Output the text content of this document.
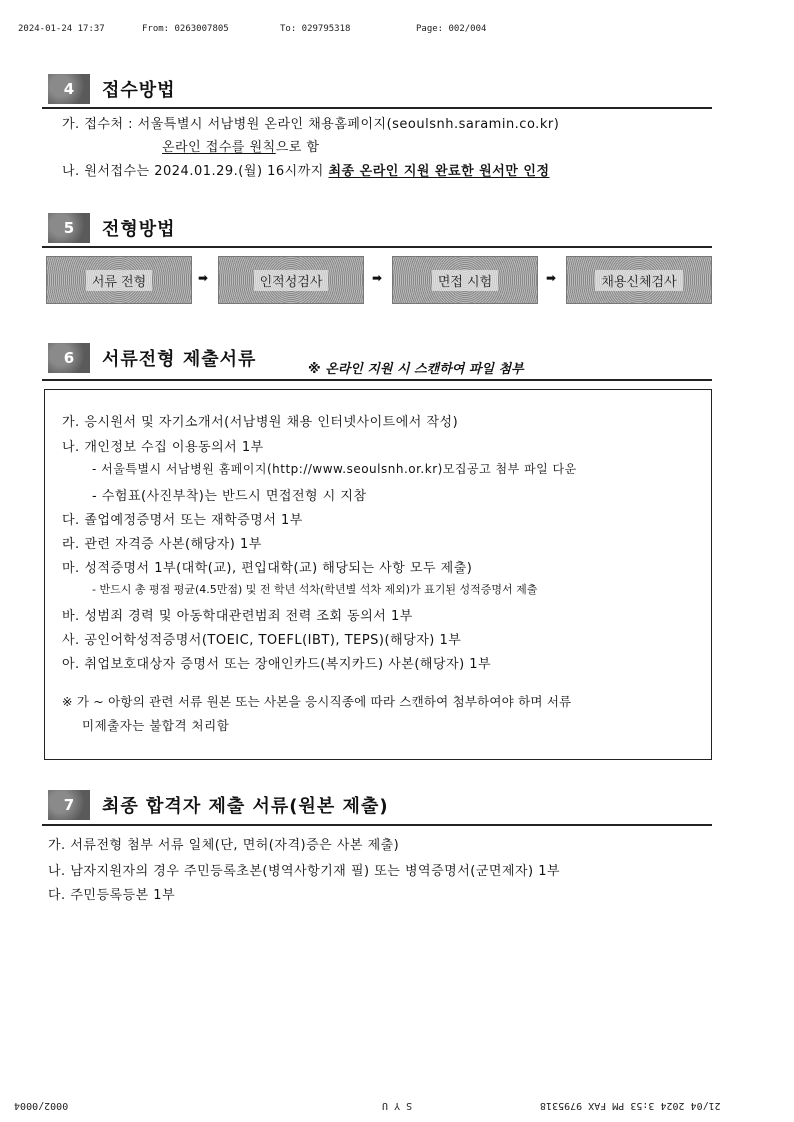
2024-01-24 17:37	From: 0263007805	To: 029795318	Page: 002/004
4	접수방법
가. 접수처 : 서울특별시 서남병원 온라인 채용홈페이지(seoulsnh.saramin.co.kr)
온라인 접수를 원칙으로 함
나. 원서접수는 2024.01.29.(월) 16시까지 최종 온라인 지원 완료한 원서만 인정
5	전형방법
서류 전형	➡	인적성검사	➡	면접 시험	➡	채용신체검사
6	서류전형 제출서류	※ 온라인 지원 시 스캔하여 파일 첨부
가. 응시원서 및 자기소개서(서남병원 채용 인터넷사이트에서 작성)
나. 개인정보 수집 이용동의서 1부
- 서울특별시 서남병원 홈페이지(http://www.seoulsnh.or.kr)모집공고 첨부 파일 다운
- 수험표(사진부착)는 반드시 면접전형 시 지참
다. 졸업예정증명서 또는 재학증명서 1부
라. 관련 자격증 사본(해당자) 1부
마. 성적증명서 1부(대학(교), 편입대학(교) 해당되는 사항 모두 제출)
- 반드시 총 평점 평균(4.5만점) 및 전 학년 석차(학년별 석차 제외)가 표기된 성적증명서 제출
바. 성범죄 경력 및 아동학대관련범죄 전력 조회 동의서 1부
사. 공인어학성적증명서(TOEIC, TOEFL(IBT), TEPS)(해당자) 1부
아. 취업보호대상자 증명서 또는 장애인카드(복지카드) 사본(해당자) 1부
※ 가 ~ 아항의 관련 서류 원본 또는 사본을 응시직종에 따라 스캔하여 첨부하여야 하며 서류
미제출자는 불합격 처리함
7	최종 합격자 제출 서류(원본 제출)
가. 서류전형 첨부 서류 일체(단, 면허(자격)증은 사본 제출)
나. 남자지원자의 경우 주민등록초본(병역사항기재 필) 또는 병역증명서(군면제자) 1부
다. 주민등록등본 1부
0002/0004	S Y U	21/04 2024 3:53 PM FAX 9795318
